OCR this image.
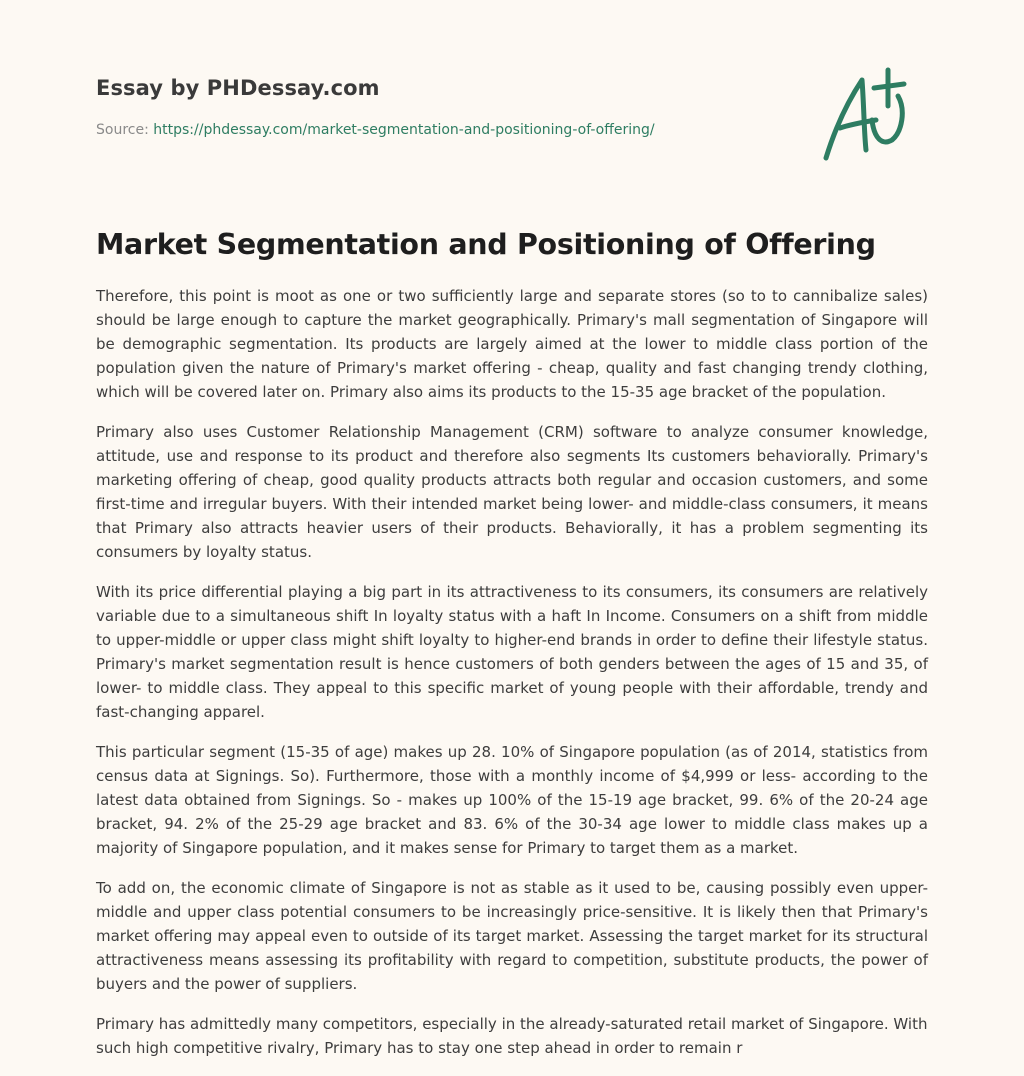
Essay by PHDessay.com
Source: https://phdessay.com/market-segmentation-and-positioning-of-offering/
Market Segmentation and Positioning of Offering

Therefore, this point is moot as one or two sufficiently large and separate stores (so to to cannibalize sales) should be large enough to capture the market geographically. Primary's mall segmentation of Singapore will be demographic segmentation. Its products are largely aimed at the lower to middle class portion of the population given the nature of Primary's market offering - cheap, quality and fast changing trendy clothing, which will be covered later on. Primary also aims its products to the 15-35 age bracket of the population.

Primary also uses Customer Relationship Management (CRM) software to analyze consumer knowledge, attitude, use and response to its product and therefore also segments Its customers behaviorally. Primary's marketing offering of cheap, good quality products attracts both regular and occasion customers, and some first-time and irregular buyers. With their intended market being lower- and middle-class consumers, it means that Primary also attracts heavier users of their products. Behaviorally, it has a problem segmenting its consumers by loyalty status.

With its price differential playing a big part in its attractiveness to its consumers, its consumers are relatively variable due to a simultaneous shift In loyalty status with a haft In Income. Consumers on a shift from middle to upper-middle or upper class might shift loyalty to higher-end brands in order to define their lifestyle status. Primary's market segmentation result is hence customers of both genders between the ages of 15 and 35, of lower- to middle class. They appeal to this specific market of young people with their affordable, trendy and fast-changing apparel.

This particular segment (15-35 of age) makes up 28. 10% of Singapore population (as of 2014, statistics from census data at Signings. So). Furthermore, those with a monthly income of $4,999 or less- according to the latest data obtained from Signings. So - makes up 100% of the 15-19 age bracket, 99. 6% of the 20-24 age bracket, 94. 2% of the 25-29 age bracket and 83. 6% of the 30-34 age lower to middle class makes up a majority of Singapore population, and it makes sense for Primary to target them as a market.

To add on, the economic climate of Singapore is not as stable as it used to be, causing possibly even upper-middle and upper class potential consumers to be increasingly price-sensitive. It is likely then that Primary's market offering may appeal even to outside of its target market. Assessing the target market for its structural attractiveness means assessing its profitability with regard to competition, substitute products, the power of buyers and the power of suppliers.

Primary has admittedly many competitors, especially in the already-saturated retail market of Singapore. With such high competitive rivalry, Primary has to stay one step ahead in order to remain r
